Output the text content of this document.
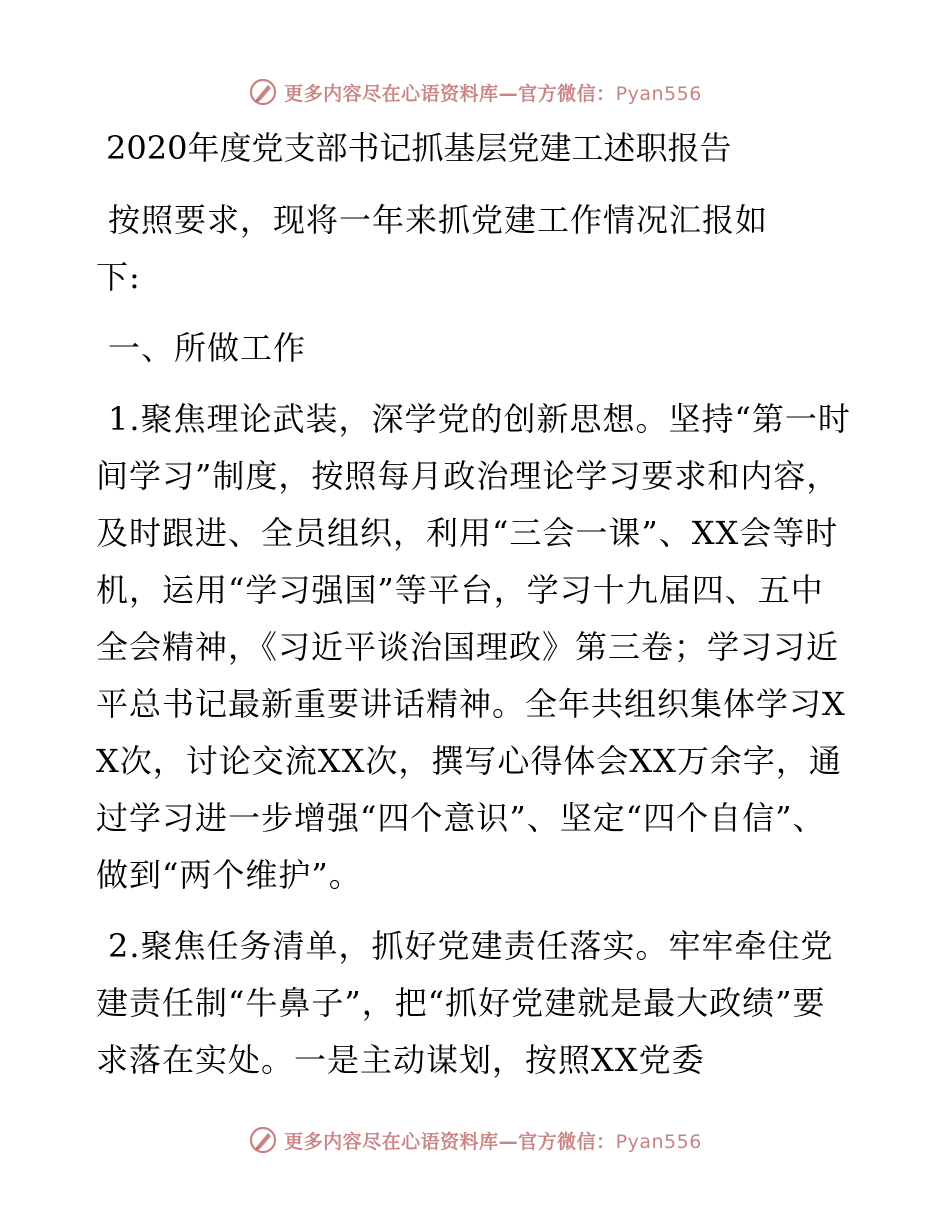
更多内容尽在心语资料库—官方微信：Pyan556
2020年度党支部书记抓基层党建工述职报告

按照要求，现将一年来抓党建工作情况汇报如下:

一、所做工作

1.聚焦理论武装，深学党的创新思想。坚持“第一时间学习”制度，按照每月政治理论学习要求和内容，及时跟进、全员组织，利用“三会一课”、XX会等时机，运用“学习强国”等平台，学习十九届四、五中全会精神，《习近平谈治国理政》第三卷；学习习近平总书记最新重要讲话精神。全年共组织集体学习XX次，讨论交流XX次，撰写心得体会XX万余字，通过学习进一步增强“四个意识”、坚定“四个自信”、做到“两个维护”。

2.聚焦任务清单，抓好党建责任落实。牢牢牵住党建责任制“牛鼻子”，把“抓好党建就是最大政绩”要求落在实处。一是主动谋划，按照XX党委

更多内容尽在心语资料库—官方微信：Pyan556
